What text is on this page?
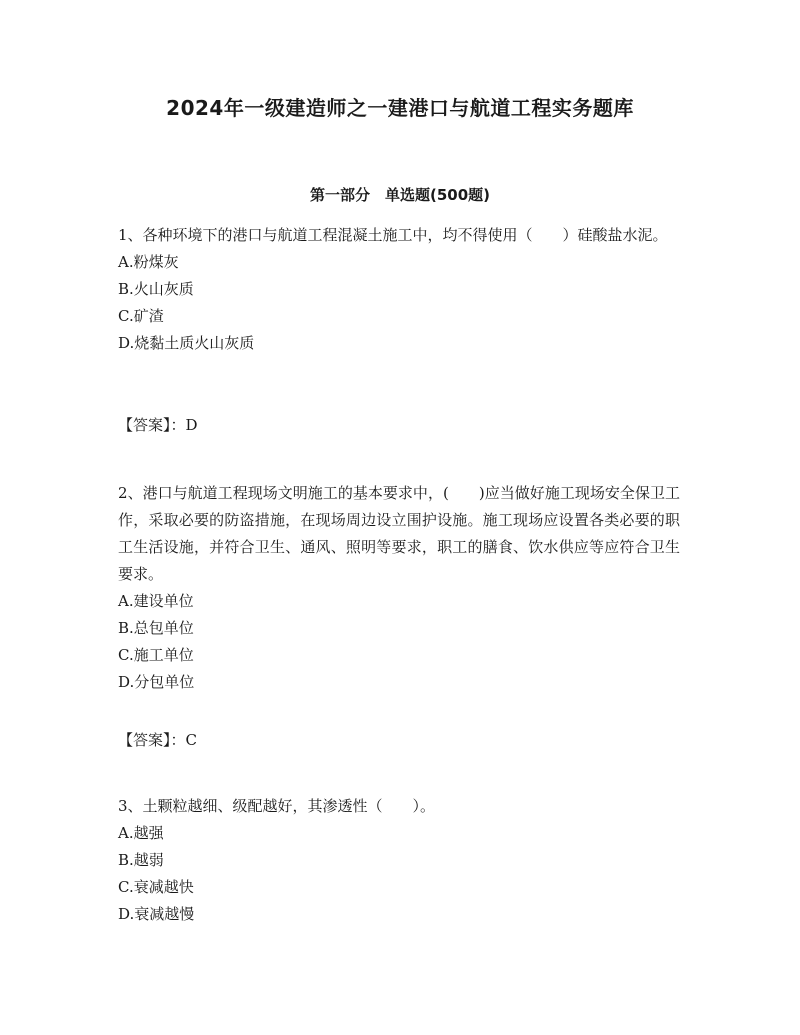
2024年一级建造师之一建港口与航道工程实务题库
第一部分　单选题(500题)

1、各种环境下的港口与航道工程混凝土施工中，均不得使用（　　）硅酸盐水泥。

A.粉煤灰

B.火山灰质

C.矿渣

D.烧黏土质火山灰质

【答案】：D

2、港口与航道工程现场文明施工的基本要求中，(　　)应当做好施工现场安全保卫工作，采取必要的防盗措施，在现场周边设立围护设施。施工现场应设置各类必要的职工生活设施，并符合卫生、通风、照明等要求，职工的膳食、饮水供应等应符合卫生要求。

A.建设单位

B.总包单位

C.施工单位

D.分包单位

【答案】：C

3、土颗粒越细、级配越好，其渗透性（　　）。

A.越强

B.越弱

C.衰减越快

D.衰减越慢
